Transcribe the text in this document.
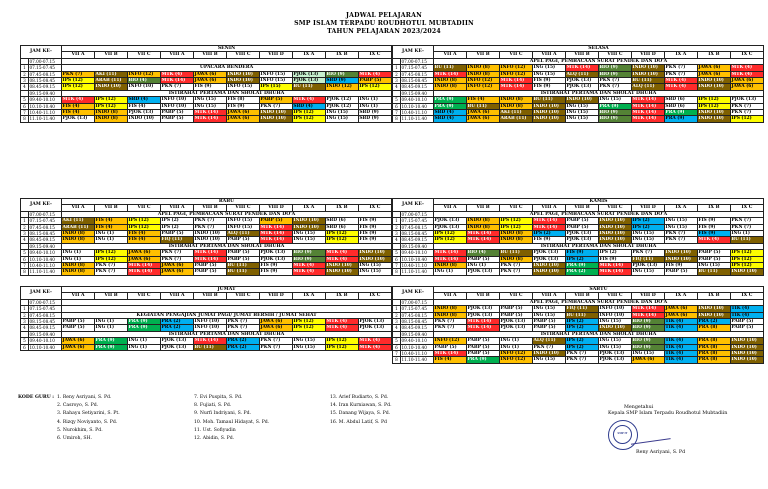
JADWAL PELAJARAN
SMP ISLAM TERPADU ROUDHOTUL MUBTADIIN
TAHUN PELAJARAN 2023/2024
JAM KE-		SENIN									
		VII A	VII B	VII C	VIII A	VIII B	VIII C	VIII D	IX A	IX B	IX C
	07.00-07.15										
1	07.15-07.45	UPACARA BENDERA									
2	07.45-08.15	PKN (7)	AKI (11)	INFO (12)	MTK (4)	JAWA (6)	INDO (10)	INFO (15)	PJOK (13)	BIO (9)	MTK (4)
3	08.15-08.45	IPS (12)	ARAB (11)	BIO (4)	MTK (14)	JAWA (6)	INDO (10)	INFO (15)	PJOK (13)	SBD (9)	PABP (5)
4	08.45-09.15	IPS (12)	INDO (10)	INFO (10)	PKN (7)	FIS (9)	INFO (15)	IPS (15)	BU (11)	INDO (12)	IPS (12)
	09.15-09.40	ISTIRAHAT PERTAMA DAN SHOLAT DHUHA									
5	09.40-10.10	MTK (4)	IPS (12)	SBD (4)	INFO (10)	ING (15)	FIS (8)	PABP (5)	MTK (4)	PJOK (12)	ING (1)
6	10.10-10.40	FIS (4)	IPS (12)	FIS (4)	INFO (10)	ING (15)	FIS (9)	PKN (7)	SBD (4)	PJOK (12)	ING (1)
7	10.40-11.10	FIS (4)	INDO (8)	PJOK (13)	PABP (5)	MTK (14)	JAWA (6)	INDO (10)	IPS (12)	ING (15)	SBD (9)
8	11.10-11.40	PJOK (13)	INDO (8)	INDO (10)	PABP (5)	MTK (14)	JAWA (6)	INDO (10)	IPS (12)	ING (15)	SBD (9)
JAM KE-		SELASA									
		VII A	VII B	VII C	VIII A	VIII B	VIII C	VIII D	IX A	IX B	IX C
	07.00-07.15	APEL PAGI, PEMBACAAN SURAT PENDEK DAN DO'A									
1	07.15-07.45	BU (11)	INDO (8)	INFO (12)	ING (15)	MTK (14)	BIO (9)	INDO (10)	PKN (7)	JAWA (6)	MTK (4)
2	07.45-08.15	MTK (14)	INDO (8)	INFO (12)	ING (15)	ALQ (11)	BIO (9)	INDO (10)	PKN (7)	JAWA (6)	MTK (4)
3	08.15-08.45	INDO (8)	INFO (12)	MTK (14)	FIS (9)	PJOK (13)	PKN (7)	BU (11)	MTK (4)	INDO (10)	JAWA (6)
4	08.45-09.15	INDO (8)	INFO (12)	MTK (14)	FIS (9)	PJOK (13)	PKN (7)	ALQ (11)	MTK (4)	INDO (10)	JAWA (6)
	09.15-09.40	ISTIRAHAT PERTAMA DAN SHOLAT DHUHA									
5	09.40-10.10	PRA (9)	FIS (4)	INDO (8)	BU (11)	INDO (10)	ING (15)	MTK (14)	SBD (6)	IPS (12)	PJOK (13)
6	10.10-10.40	PRA (9)	BU (11)	INDO (8)	INDO (10)	ING (15)	PRA (9)	MTK (14)	SBD (6)	IPS (12)	PKN (7)
7	10.40-11.10	SBD (4)	JAWA (6)	AKI (11)	INDO (10)	ING (15)	BIO (9)	MTK (14)	PRA (9)	INDO (10)	PKN (7)
8	11.10-11.40	SBD (4)	JAWA (6)	ARAB (11)	INDO (10)	ING (15)	BIO (9)	MTK (14)	PRA (9)	INDO (10)	IPS (12)
JAM KE-		RABU									
		VII A	VII B	VII C	VIII A	VIII B	VIII C	VIII D	IX A	IX B	IX C
	07.00-07.15	APEL PAGI, PEMBACAAN SURAT PENDEK DAN DO'A									
1	07.15-07.45	AKI (11)	FIS (4)	IPS (12)	IPS (2)	PKN (7)	INFO (15)	PABP (5)	INDO (10)	SBD (6)	FIS (9)
2	07.45-08.15	ARAB (11)	FIS (4)	IPS (12)	IPS (2)	PKN (7)	INFO (15)	MTK (14)	INDO (10)	SBD (6)	FIS (9)
3	08.15-08.45	INDO (8)	ING (1)	FIS (4)	PABP (5)	INDO (10)	ALQ (11)	MTK (14)	ING (15)	IPS (12)	FIS (9)
4	08.45-09.15	INDO (8)	ING (1)	FIS (4)	FIQ (11)	INDO (10)	PABP (5)	MTK (14)	ING (15)	IPS (12)	FIS (9)
	09.15-09.40	ISTIRAHAT PERTAMA DAN SHOLAT DHUHA									
5	09.40-10.10	ING (1)	IPS (12)	JAWA (6)	PKN (7)	MTK (14)	PABP (5)	PJOK (13)	BIO (9)	MTK (4)	INDO (10)
6	10.10-10.40	ING (1)	IPS (12)	JAWA (6)	PKN (7)	MTK (14)	PABP (5)	PJOK (13)	BIO (9)	MTK (4)	INDO (10)
7	10.40-11.10	INDO (8)	PKN (7)	MTK (14)	JAWA (6)	PABP (5)	BU (11)	FIS (9)	MTK (4)	INDO (10)	ING (15)
8	11.10-11.40	INDO (8)	PKN (7)	MTK (14)	JAWA (6)	PABP (5)	BU (11)	FIS (9)	MTK (4)	INDO (10)	ING (15)
JAM KE-		KAMIS									
		VII A	VII B	VII C	VIII A	VIII B	VIII C	VIII D	IX A	IX B	IX C
	07.00-07.15	APEL PAGI, PEMBACAAN SURAT PENDEK DAN DO'A									
1	07.15-07.45	PJOK (13)	INDO (8)	IPS (12)	MTK (14)	PABP (5)	INDO (10)	IPS (2)	ING (15)	FIS (9)	PKN (7)
2	07.45-08.15	PJOK (13)	INDO (8)	IPS (12)	MTK (14)	PABP (5)	INDO (10)	IPS (2)	ING (15)	FIS (9)	PKN (7)
3	08.15-08.45	IPS (12)	MTK (14)	INDO (8)	IPS (2)	PJOK (13)	INDO (10)	ING (15)	PKN (7)	FIS (9)	ING (1)
4	08.45-09.15	IPS (12)	MTK (14)	INDO (8)	FIS (9)	PJOK (13)	INDO (10)	ING (15)	PKN (7)	MTK (4)	BU (11)
	09.15-09.40	ISTIRAHAT PERTAMA DAN SHOLAT DHUHA									
5	09.40-10.10	MTK (14)	BIO (4)	BU (11)	PJOK (13)	FIS (9)	IPS (2)	PKN (7)	INDO (10)	PABP (5)	IPS (12)
6	10.10-10.40	MTK (14)	PABP (5)	INDO (8)	PJOK (13)	IPS (2)	FIS (9)	FIQ (11)	INDO (10)	PABP (5)	IPS (12)
7	10.40-11.10	INDO (8)	ING (1)	PKN (7)	INDO (10)	PRA (9)	MTK (14)	PJOK (13)	FIS (9)	ING (15)	IPS (12)
8	11.10-11.40	ING (1)	PJOK (13)	PKN (7)	INDO (10)	PRA (2)	MTK (14)	ING (15)	PABP (5)	BU (11)	INDO (10)
JAM KE-		JUMAT									
		VII A	VII B	VII C	VIII A	VIII B	VIII C	VIII D	IX A	IX B	IX C
	07.00-07.15										
1	07.15-07.45										
2	07.45-08.15	KEGIATAN PENGAJIAN JUMAT PAGI/ JUMAT BERSIH / JUMAT SEHAT									
3	08.15-08.45	PABP (5)	ING (1)	PRA (9)	PRA (2)	INFO (10)	PKN (7)	JAWA (6)	IPS (12)	MTK (4)	PJOK (13)
4	08.45-09.15	PABP (5)	ING (1)	PRA (9)	PRA (2)	INFO (10)	PKN (7)	JAWA (6)	IPS (12)	MTK (4)	PJOK (13)
	09.15-09.40	ISTIRAHAT PERTAMA DAN SHOLAT DHUHA									
5	09.40-10.10	JAWA (6)	PRA (9)	ING (1)	PJOK (13)	MTK (14)	PRA (2)	PKN (7)	ING (15)	IPS (12)	MTK (4)
6	10.10-10.40	JAWA (6)	PRA (9)	ING (1)	PJOK (13)	BU (11)	PRA (2)	PKN (7)	ING (15)	IPS (12)	MTK (4)
JAM KE-		SABTU									
		VII A	VII B	VII C	VIII A	VIII B	VIII C	VIII D	IX A	IX B	IX C
	07.00-07.15	APEL PAGI, PEMBACAAN SURAT PENDEK DAN DO'A									
1	07.15-07.45	INDO (8)	PJOK (13)	PABP (5)	ING (15)	FIQ (11)	INFO (10)	MTK (14)	JAWA (6)	INDO (10)	TIK (4)
2	07.45-08.15	INDO (8)	PJOK (13)	PABP (5)	ING (15)	BU (11)	INFO (10)	MTK (14)	JAWA (6)	INDO (10)	TIK (4)
3	08.15-08.45	PKN (7)	MTK (14)	PJOK (13)	PABP (5)	IPS (2)	ING (15)	BIO (9)	TIK (4)	PRA (2)	PABP (5)
4	08.45-09.15	PKN (7)	MTK (14)	PJOK (13)	PABP (5)	IPS (2)	INDO (10)	BIO (9)	TIK (4)	PRA (8)	PABP (5)
	09.15-09.40	ISTIRAHAT PERTAMA DAN SHOLAT DHUHA									
5	09.40-10.10	INFO (12)	PABP (5)	ING (1)	ALQ (11)	IPS (2)	ING (15)	BIO (9)	TIK (4)	PRA (8)	INDO (10)
6	10.10-10.40	PABP (5)	PABP (5)	ING (1)	PKN (7)	IPS (2)	ING (15)	BIO (9)	TIK (4)	PRA (8)	INDO (10)
7	10.40-11.10	MTK (14)	PABP (5)	INFO (12)	INDO (10)	PKN (7)	PJOK (13)	ING (15)	TIK (4)	PRA (8)	INDO (10)
8	11.10-11.40	FIS (4)	PRA (9)	INFO (12)	ING (15)	PKN (7)	PJOK (13)	JAWA (6)	TIK (4)	PRA (8)	INDO (10)
KODE GURU : 1. Reny Asriyani, S. Pd.
2. Casroyo, S. Pd.
3. Rahayu Setiyarini, S. Pt.
4. Rizqy Noviyanto, S. Pd.
5. Nurokhim, S. Pd.
6. Umiroh, SH.
7. Evi Puspita, S. Pd.
8. Fujiati, S. Pd.
9. Nurfi Indriyani, S. Pd.
10. Moh. Tamaul Hidayat, S. Pd.
11. Ust. Sofiyudin
12. Abidin, S. Pd.
13. Arief Budiarto, S. Pd.
14. Iran Kurniawan, S. Pd.
15. Danang Wijaya, S. Pd.
16. M. Abdul Latif, S. Pd
Mengetahui
Kepala SMP Islam Terpadu Roudhotul Mubtadiin
SMP IT
Reny Asriyani, S. Pd
